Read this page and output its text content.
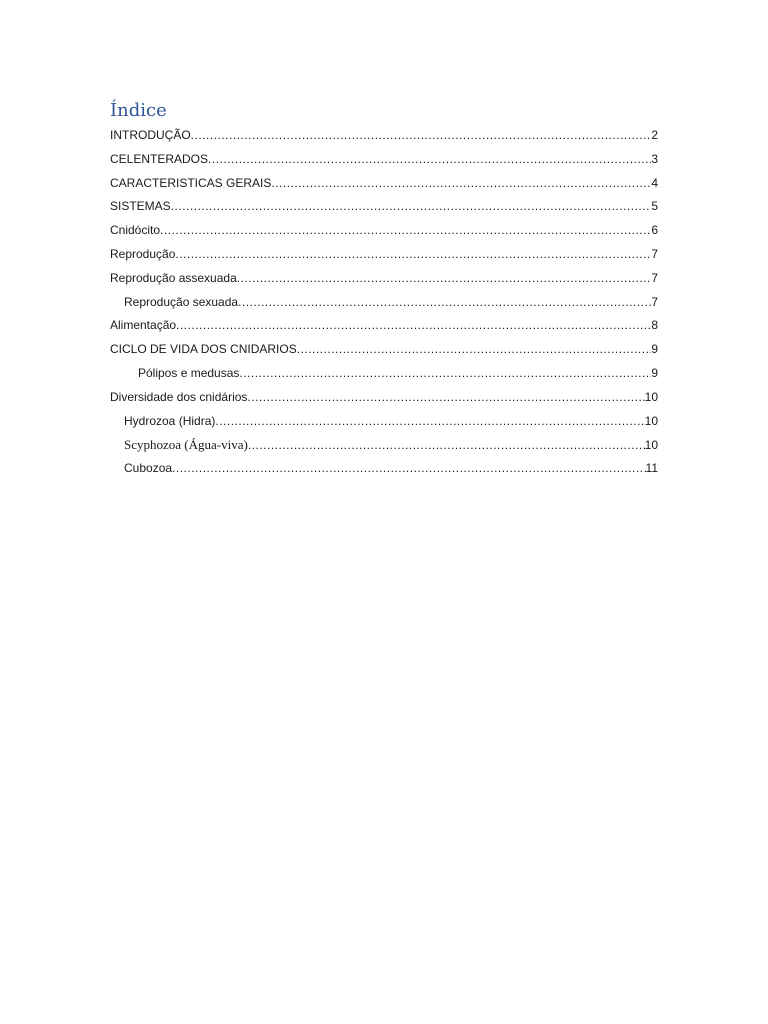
Índice
INTRODUÇÃO .....	2
CELENTERADOS .....	3
CARACTERISTICAS GERAIS .....	4
SISTEMAS .....	5
Cnidócito .....	6
Reprodução .....	7
Reprodução assexuada .....	7
Reprodução sexuada .....	7
Alimentação .....	8
CICLO DE VIDA DOS CNIDARIOS .....	9
Pólipos e medusas .....	9
Diversidade dos cnidários .....	10
Hydrozoa (Hidra) .....	10
Scyphozoa (Água-viva) .....	10
Cubozoa .....	11
